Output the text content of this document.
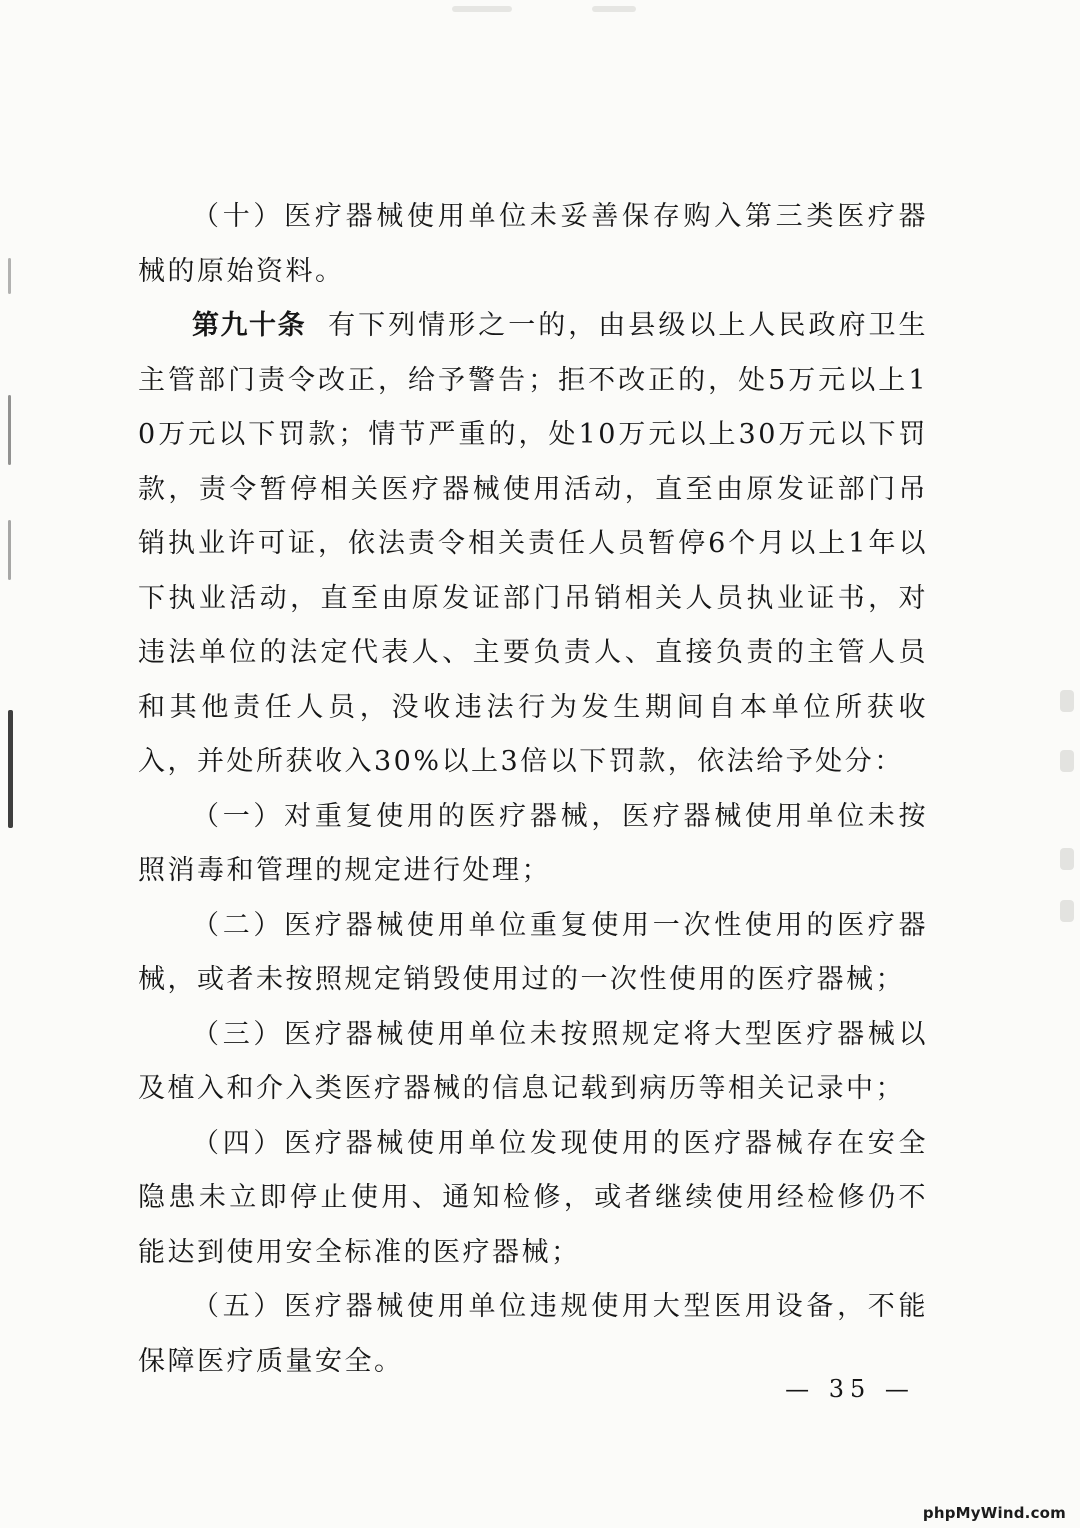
（十）医疗器械使用单位未妥善保存购入第三类医疗器械的原始资料。

第九十条 有下列情形之一的，由县级以上人民政府卫生主管部门责令改正，给予警告；拒不改正的，处5万元以上10万元以下罚款；情节严重的，处10万元以上30万元以下罚款，责令暂停相关医疗器械使用活动，直至由原发证部门吊销执业许可证，依法责令相关责任人员暂停6个月以上1年以下执业活动，直至由原发证部门吊销相关人员执业证书，对违法单位的法定代表人、主要负责人、直接负责的主管人员和其他责任人员，没收违法行为发生期间自本单位所获收入，并处所获收入30%以上3倍以下罚款，依法给予处分：

（一）对重复使用的医疗器械，医疗器械使用单位未按照消毒和管理的规定进行处理；

（二）医疗器械使用单位重复使用一次性使用的医疗器械，或者未按照规定销毁使用过的一次性使用的医疗器械；

（三）医疗器械使用单位未按照规定将大型医疗器械以及植入和介入类医疗器械的信息记载到病历等相关记录中；

（四）医疗器械使用单位发现使用的医疗器械存在安全隐患未立即停止使用、通知检修，或者继续使用经检修仍不能达到使用安全标准的医疗器械；

（五）医疗器械使用单位违规使用大型医用设备，不能保障医疗质量安全。

— 35 —
phpMyWind.com
